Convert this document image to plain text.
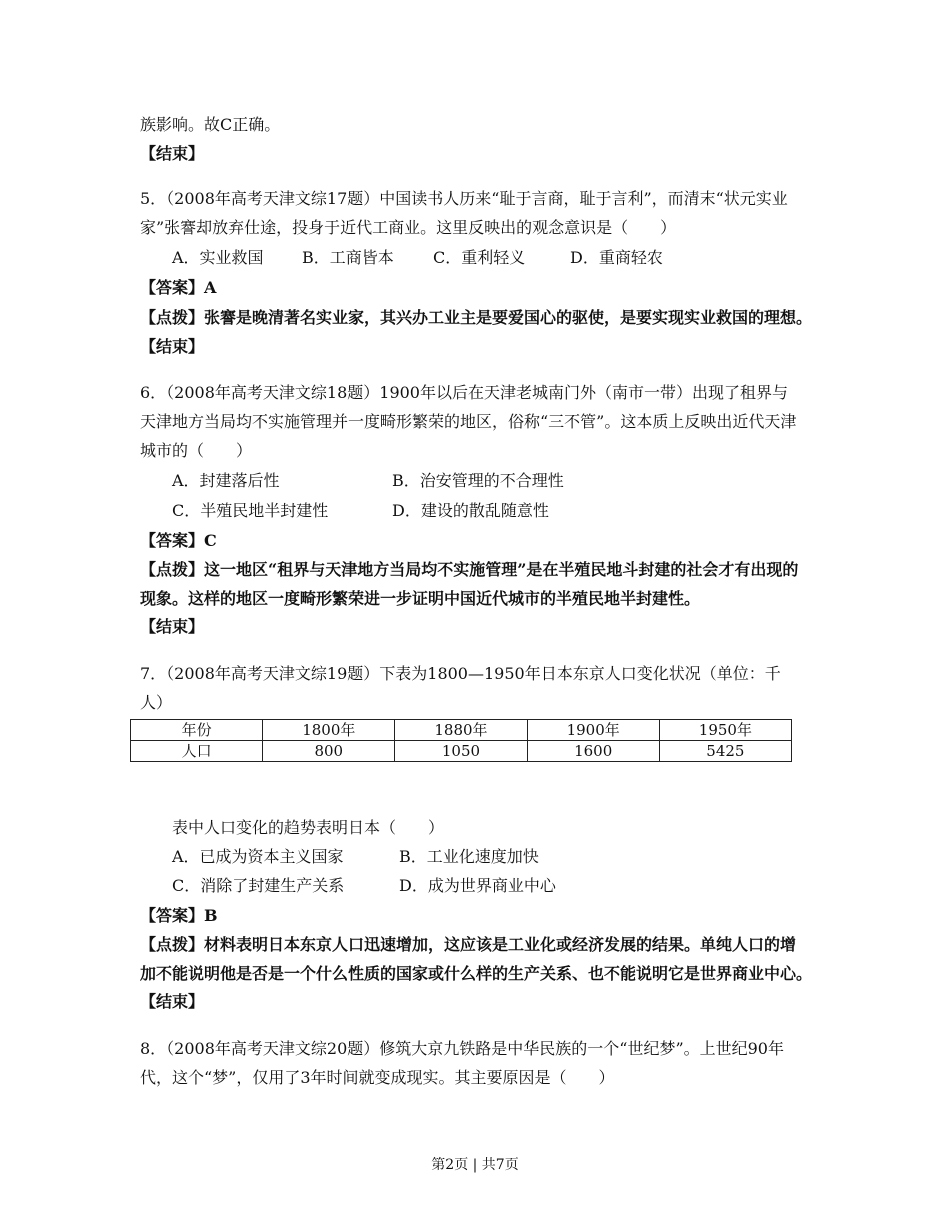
族影响。故C正确。
【结束】
5．（2008年高考天津文综17题）中国读书人历来“耻于言商，耻于言利”，而清末“状元实业
家”张謇却放弃仕途，投身于近代工商业。这里反映出的观念意识是（　　）
A．实业救国 B．工商皆本 C．重利轻义	D．重商轻农
【答案】A
【点拨】张謇是晚清著名实业家，其兴办工业主是要爱国心的驱使，是要实现实业救国的理想。
【结束】
6．（2008年高考天津文综18题）1900年以后在天津老城南门外（南市一带）出现了租界与
天津地方当局均不实施管理并一度畸形繁荣的地区，俗称“三不管”。这本质上反映出近代天津
城市的（　　）
A．封建落后性	B．治安管理的不合理性
C．半殖民地半封建性	D．建设的散乱随意性
【答案】C
【点拨】这一地区“租界与天津地方当局均不实施管理”是在半殖民地斗封建的社会才有出现的
现象。这样的地区一度畸形繁荣进一步证明中国近代城市的半殖民地半封建性。
【结束】
7．（2008年高考天津文综19题）下表为1800—1950年日本东京人口变化状况（单位：千
人）
年份	1800年	1880年	1900年	1950年
人口	800	1050	1600	5425
表中人口变化的趋势表明日本（　　）
A．已成为资本主义国家	B．工业化速度加快
C．消除了封建生产关系	D．成为世界商业中心
【答案】B
【点拨】材料表明日本东京人口迅速增加，这应该是工业化或经济发展的结果。单纯人口的增
加不能说明他是否是一个什么性质的国家或什么样的生产关系、也不能说明它是世界商业中心。
【结束】
8．（2008年高考天津文综20题）修筑大京九铁路是中华民族的一个“世纪梦”。上世纪90年
代，这个“梦”，仅用了3年时间就变成现实。其主要原因是（　　）
第2页 | 共7页
